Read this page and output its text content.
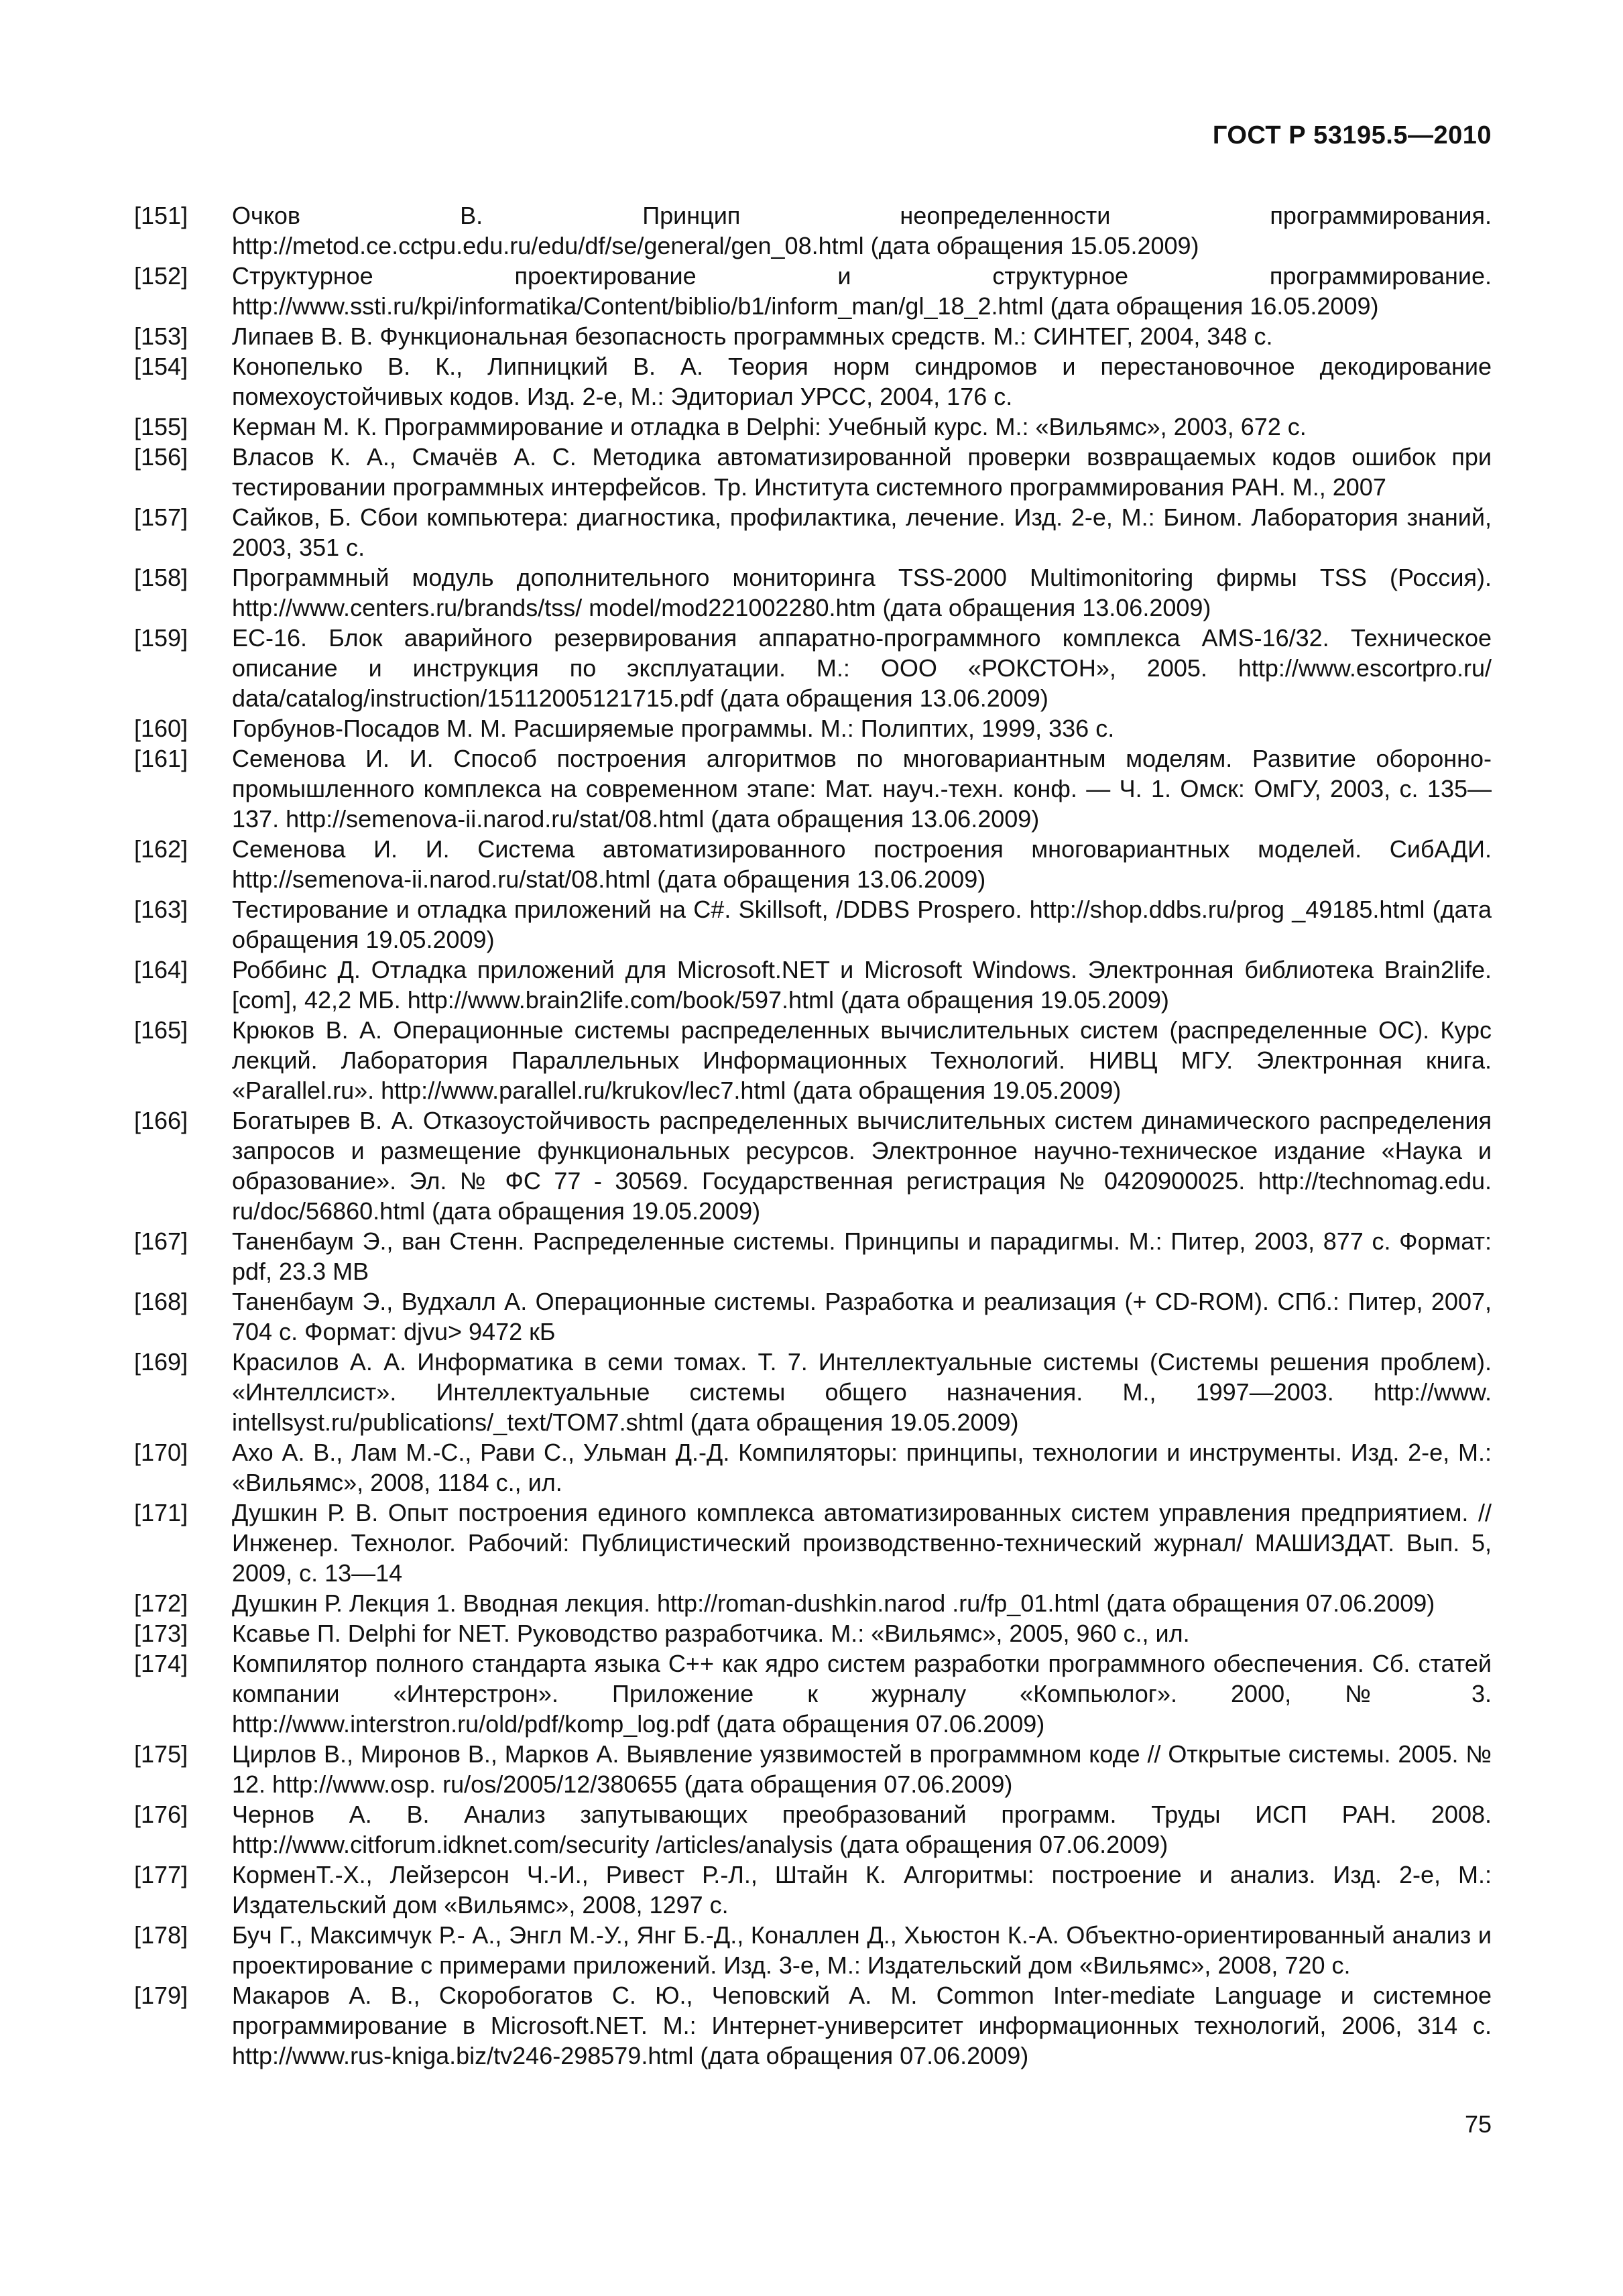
ГОСТ Р 53195.5—2010
[151] Очков В. Принцип неопределенности программирования. http://metod.ce.cctpu.edu.ru/edu/df/se/general/gen_08.html (дата обращения 15.05.2009)
[152] Структурное проектирование и структурное программирование. http://www.ssti.ru/kpi/informatika/Content/biblio/b1/inform_man/gl_18_2.html (дата обращения 16.05.2009)
[153] Липаев В. В. Функциональная безопасность программных средств. М.: СИНТЕГ, 2004, 348 с.
[154] Конопелько В. К., Липницкий В. А. Теория норм синдромов и перестановочное декодирование помехоустойчивых кодов. Изд. 2-е, М.: Эдиториал УРСС, 2004, 176 с.
[155] Керман М. К. Программирование и отладка в Delphi: Учебный курс. М.: «Вильямс», 2003, 672 с.
[156] Власов К. А., Смачёв А. С. Методика автоматизированной проверки возвращаемых кодов ошибок при тестировании программных интерфейсов. Тр. Института системного программирования РАН. М., 2007
[157] Сайков, Б. Сбои компьютера: диагностика, профилактика, лечение. Изд. 2-е, М.: Бином. Лаборатория знаний, 2003, 351 с.
[158] Программный модуль дополнительного мониторинга TSS-2000 Multimonitoring фирмы TSS (Россия). http://www.centers.ru/brands/tss/ model/mod221002280.htm (дата обращения 13.06.2009)
[159] EC-16. Блок аварийного резервирования аппаратно-программного комплекса AMS-16/32. Техническое описание и инструкция по эксплуатации. М.: ООО «РОКСТОН», 2005. http://www.escortpro.ru/ data/catalog/instruction/15112005121715.pdf (дата обращения 13.06.2009)
[160] Горбунов-Посадов М. М. Расширяемые программы. М.: Полиптих, 1999, 336 с.
[161] Семенова И. И. Способ построения алгоритмов по многовариантным моделям. Развитие оборонно-промышленного комплекса на современном этапе: Мат. науч.-техн. конф. — Ч. 1. Омск: ОмГУ, 2003, с. 135—137. http://semenova-ii.narod.ru/stat/08.html (дата обращения 13.06.2009)
[162] Семенова И. И. Система автоматизированного построения многовариантных моделей. СибАДИ. http://semenova-ii.narod.ru/stat/08.html (дата обращения 13.06.2009)
[163] Тестирование и отладка приложений на C#. Skillsoft, /DDBS Prospero. http://shop.ddbs.ru/prog _49185.html (дата обращения 19.05.2009)
[164] Роббинс Д. Отладка приложений для Microsoft.NET и Microsoft Windows. Электронная библиотека Brain2life.[com], 42,2 МБ. http://www.brain2life.com/book/597.html (дата обращения 19.05.2009)
[165] Крюков В. А. Операционные системы распределенных вычислительных систем (распределенные ОС). Курс лекций. Лаборатория Параллельных Информационных Технологий. НИВЦ МГУ. Электронная книга. «Parallel.ru». http://www.parallel.ru/krukov/lec7.html (дата обращения 19.05.2009)
[166] Богатырев В. А. Отказоустойчивость распределенных вычислительных систем динамического распределения запросов и размещение функциональных ресурсов. Электронное научно-техническое издание «Наука и образование». Эл. № ФС 77 - 30569. Государственная регистрация № 0420900025. http://technomag.edu. ru/doc/56860.html (дата обращения 19.05.2009)
[167] Таненбаум Э., ван Стенн. Распределенные системы. Принципы и парадигмы. М.: Питер, 2003, 877 с. Формат: pdf, 23.3 MB
[168] Таненбаум Э., Вудхалл А. Операционные системы. Разработка и реализация (+ CD-ROM). СПб.: Питер, 2007, 704 с. Формат: djvu> 9472 кБ
[169] Красилов А. А. Информатика в семи томах. Т. 7. Интеллектуальные системы (Системы решения проблем). «Интеллсист». Интеллектуальные системы общего назначения. М., 1997—2003. http://www. intellsyst.ru/publications/_text/TOM7.shtml (дата обращения 19.05.2009)
[170] Ахо А. В., Лам М.-С., Рави С., Ульман Д.-Д. Компиляторы: принципы, технологии и инструменты. Изд. 2-е, М.: «Вильямс», 2008, 1184 с., ил.
[171] Душкин Р. В. Опыт построения единого комплекса автоматизированных систем управления предприятием. // Инженер. Технолог. Рабочий: Публицистический производственно-технический журнал/ МАШИЗДАТ. Вып. 5, 2009, с. 13—14
[172] Душкин Р. Лекция 1. Вводная лекция. http://roman-dushkin.narod .ru/fp_01.html (дата обращения 07.06.2009)
[173] Ксавье П. Delphi for NET. Руководство разработчика. М.: «Вильямс», 2005, 960 с., ил.
[174] Компилятор полного стандарта языка C++ как ядро систем разработки программного обеспечения. Сб. статей компании «Интерстрон». Приложение к журналу «Компьюлог». 2000, № 3. http://www.interstron.ru/old/pdf/komp_log.pdf (дата обращения 07.06.2009)
[175] Цирлов В., Миронов В., Марков А. Выявление уязвимостей в программном коде // Открытые системы. 2005. № 12. http://www.osp. ru/os/2005/12/380655 (дата обращения 07.06.2009)
[176] Чернов А. В. Анализ запутывающих преобразований программ. Труды ИСП РАН. 2008. http://www.citforum.idknet.com/security /articles/analysis (дата обращения 07.06.2009)
[177] КорменТ.-Х., Лейзерсон Ч.-И., Ривест Р.-Л., Штайн К. Алгоритмы: построение и анализ. Изд. 2-е, М.: Издательский дом «Вильямс», 2008, 1297 с.
[178] Буч Г., Максимчук Р.- А., Энгл М.-У., Янг Б.-Д., Коналлен Д., Хьюстон К.-А. Объектно-ориентированный анализ и проектирование с примерами приложений. Изд. 3-е, М.: Издательский дом «Вильямс», 2008, 720 с.
[179] Макаров А. В., Скоробогатов С. Ю., Чеповский А. М. Common Inter-mediate Language и системное программирование в Microsoft.NET. М.: Интернет-университет информационных технологий, 2006, 314 с. http://www.rus-kniga.biz/tv246-298579.html (дата обращения 07.06.2009)
75
